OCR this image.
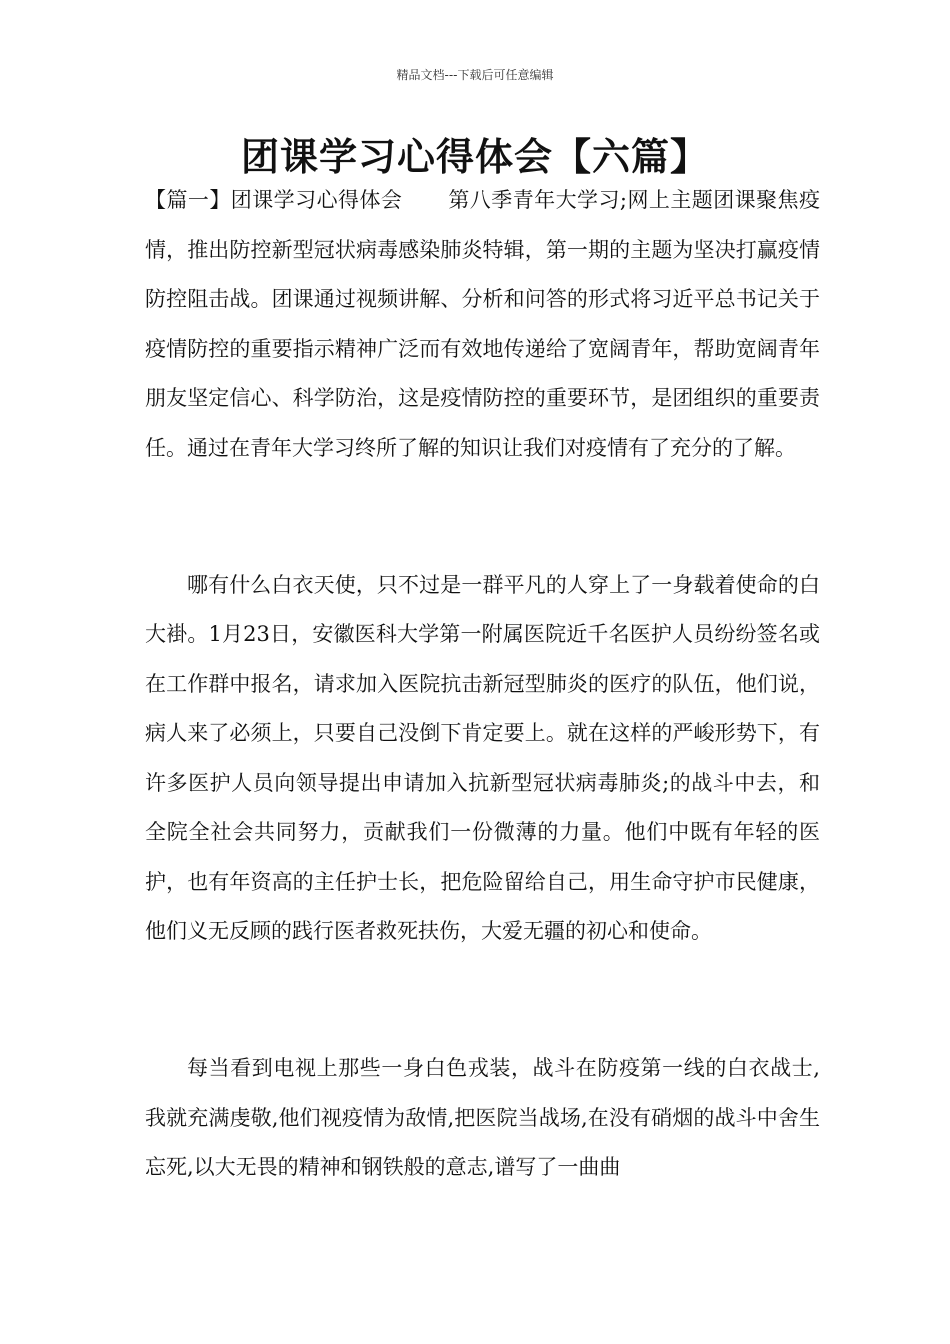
精品文档---下载后可任意编辑
团课学习心得体会【六篇】

【篇一】团课学习心得体会 第八季青年大学习;网上主题团课聚焦疫情，推出防控新型冠状病毒感染肺炎特辑，第一期的主题为坚决打赢疫情防控阻击战。团课通过视频讲解、分析和问答的形式将习近平总书记关于疫情防控的重要指示精神广泛而有效地传递给了宽阔青年，帮助宽阔青年朋友坚定信心、科学防治，这是疫情防控的重要环节，是团组织的重要责任。通过在青年大学习终所了解的知识让我们对疫情有了充分的了解。

哪有什么白衣天使，只不过是一群平凡的人穿上了一身载着使命的白大褂。1月23日，安徽医科大学第一附属医院近千名医护人员纷纷签名或在工作群中报名，请求加入医院抗击新冠型肺炎的医疗的队伍，他们说，病人来了必须上，只要自己没倒下肯定要上。就在这样的严峻形势下，有许多医护人员向领导提出申请加入抗新型冠状病毒肺炎;的战斗中去，和全院全社会共同努力，贡献我们一份微薄的力量。他们中既有年轻的医护，也有年资高的主任护士长，把危险留给自己，用生命守护市民健康，他们义无反顾的践行医者救死扶伤，大爱无疆的初心和使命。

每当看到电视上那些一身白色戎装，战斗在防疫第一线的白衣战士,我就充满虔敬,他们视疫情为敌情,把医院当战场,在没有硝烟的战斗中舍生忘死,以大无畏的精神和钢铁般的意志,谱写了一曲曲
